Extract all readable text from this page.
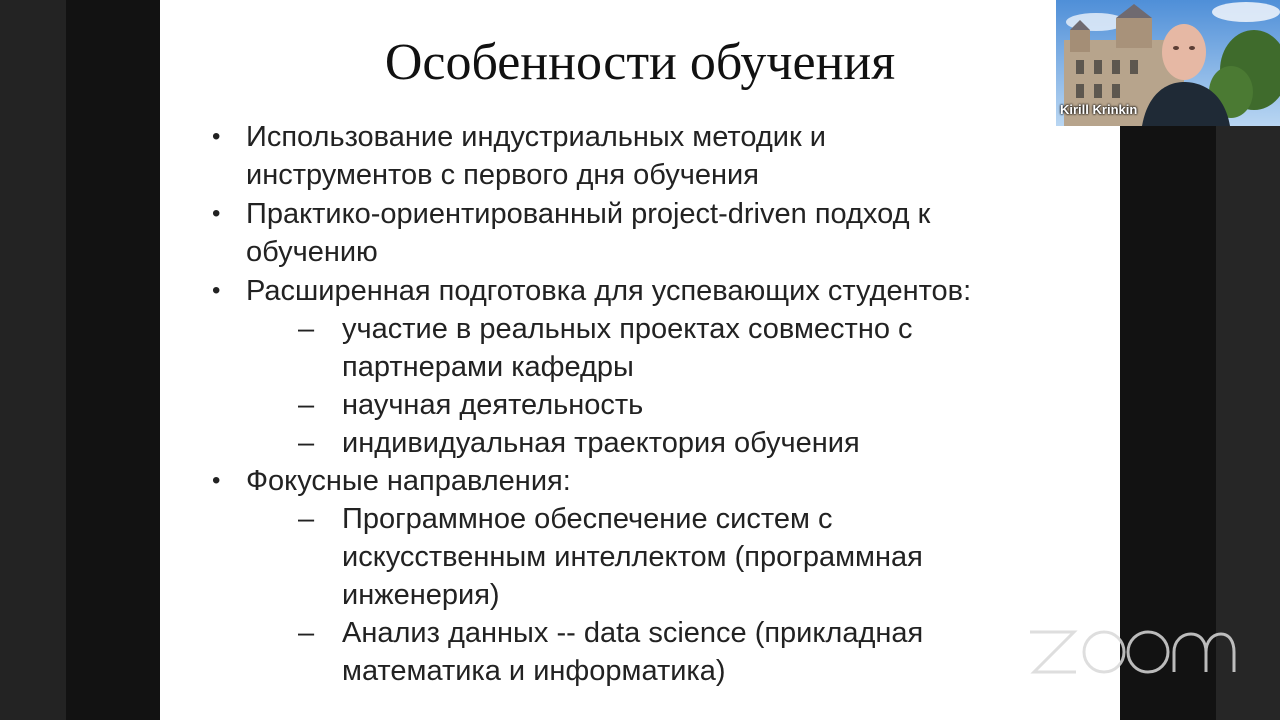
Особенности обучения
• Использование индустриальных методик и
инструментов с первого дня обучения
• Практико-ориентированный project-driven подход к
обучению
• Расширенная подготовка для успевающих студентов:
– участие в реальных проектах совместно с
партнерами кафедры
– научная деятельность
– индивидуальная траектория обучения
• Фокусные направления:
– Программное обеспечение систем с
искусственным интеллектом (программная
инженерия)
– Анализ данных -- data science (прикладная
математика и информатика)
Kirill Krinkin
